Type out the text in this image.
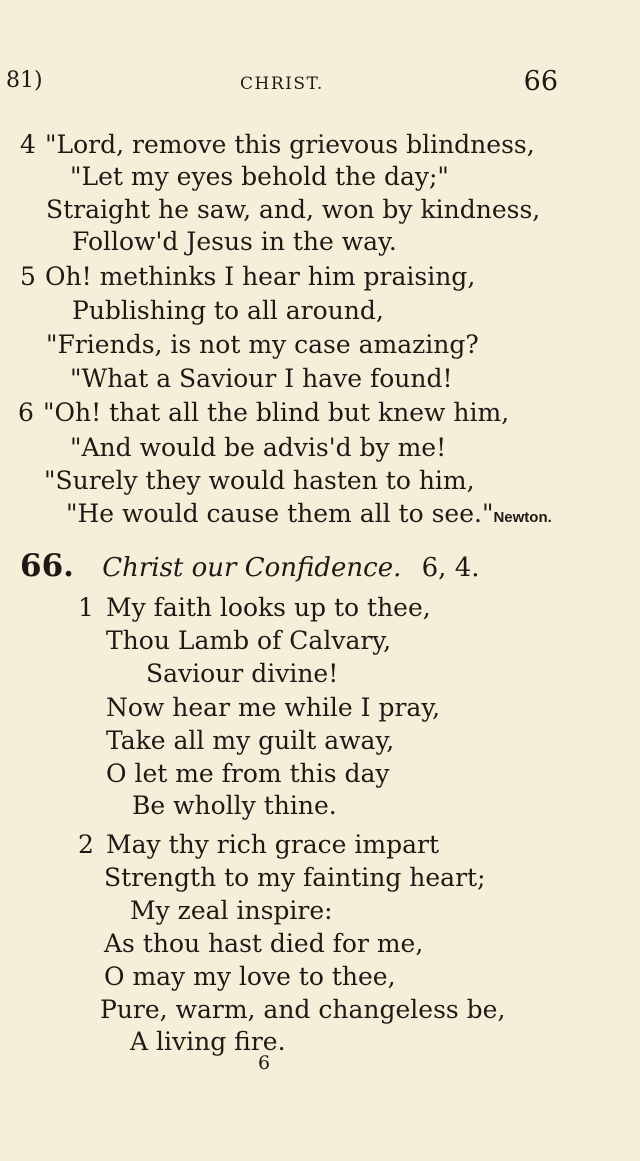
81)	CHRIST.	66
4 "Lord, remove this grievous blindness,
"Let my eyes behold the day;"
Straight he saw, and, won by kindness,
Follow'd Jesus in the way.
5 Oh! methinks I hear him praising,
Publishing to all around,
"Friends, is not my case amazing?
"What a Saviour I have found!
6 "Oh! that all the blind but knew him,
"And would be advis'd by me!
"Surely they would hasten to him,
"He would cause them all to see."Newton.
66. Christ our Confidence. 6, 4.
1 My faith looks up to thee,
Thou Lamb of Calvary,
Saviour divine!
Now hear me while I pray,
Take all my guilt away,
O let me from this day
Be wholly thine.
2 May thy rich grace impart
Strength to my fainting heart;
My zeal inspire:
As thou hast died for me,
O may my love to thee,
Pure, warm, and changeless be,
A living fire.
6
